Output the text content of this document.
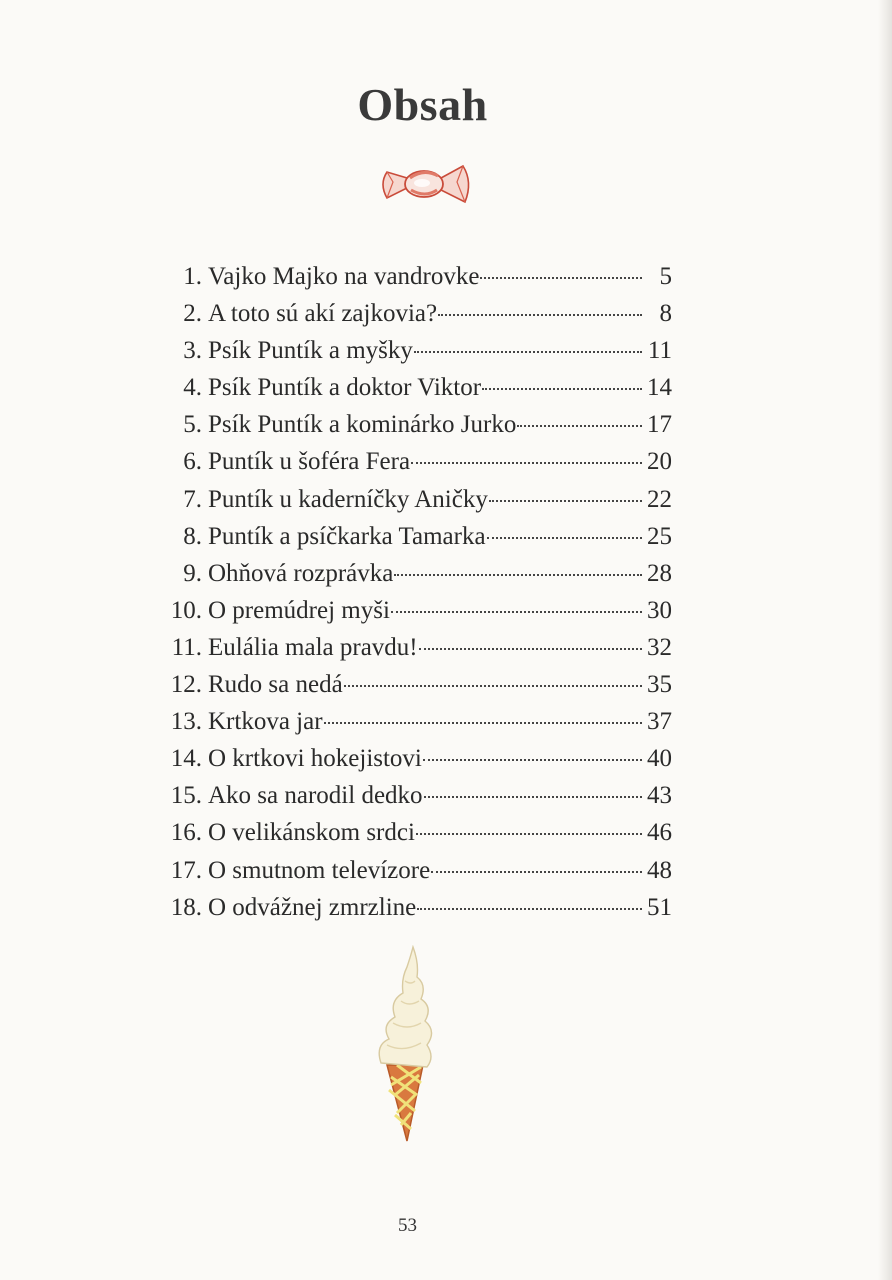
Obsah
1. Vajko Majko na vandrovke	5
2. A toto sú akí zajkovia?	8
3. Psík Puntík a myšky	11
4. Psík Puntík a doktor Viktor	14
5. Psík Puntík a kominárko Jurko	17
6. Puntík u šoféra Fera	20
7. Puntík u kaderníčky Aničky	22
8. Puntík a psíčkarka Tamarka	25
9. Ohňová rozprávka	28
10. O premúdrej myši	30
11. Eulália mala pravdu!	32
12. Rudo sa nedá	35
13. Krtkova jar	37
14. O krtkovi hokejistovi	40
15. Ako sa narodil dedko	43
16. O velikánskom srdci	46
17. O smutnom televízore	48
18. O odvážnej zmrzline	51
53
